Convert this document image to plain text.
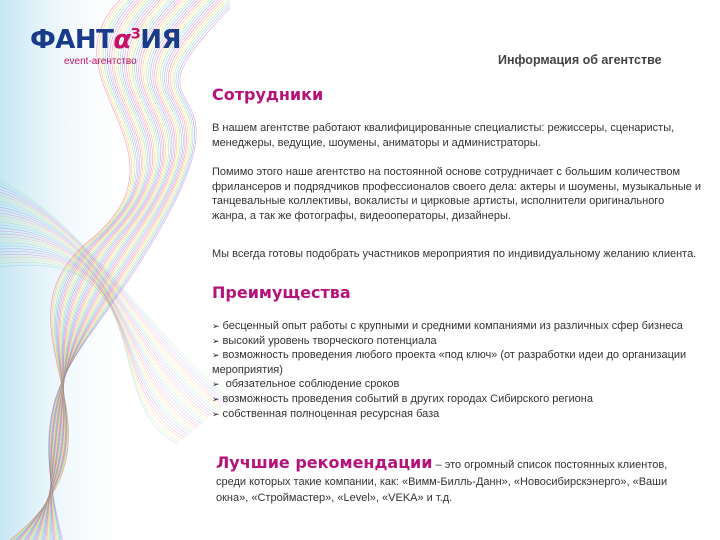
ФАНТα$^З$ИЯ
event-агентство	Информация об агентстве
Сотрудники

В нашем агентстве работают квалифицированные специалисты: режиссеры, сценаристы, менеджеры, ведущие, шоумены, аниматоры и администраторы.

Помимо этого наше агентство на постоянной основе сотрудничает с большим количеством фрилансеров и подрядчиков профессионалов своего дела: актеры и шоумены, музыкальные и танцевальные коллективы, вокалисты и цирковые артисты, исполнители оригинального жанра, а так же фотографы, видеооператоры, дизайнеры.

Мы всегда готовы подобрать участников мероприятия по индивидуальному желанию клиента.

Преимущества
➢ бесценный опыт работы с крупными и средними компаниями из различных сфер бизнеса
➢ высокий уровень творческого потенциала
➢ возможность проведения любого проекта «под ключ» (от разработки идеи до организации мероприятия)
➢ обязательное соблюдение сроков
➢ возможность проведения событий в других городах Сибирского региона
➢ собственная полноценная ресурсная база
Лучшие рекомендации – это огромный список постоянных клиентов, среди которых такие компании, как: «Вимм-Билль-Данн», «Новосибирскэнерго», «Ваши окна», «Строймастер», «Level», «VEKA» и т.д.
